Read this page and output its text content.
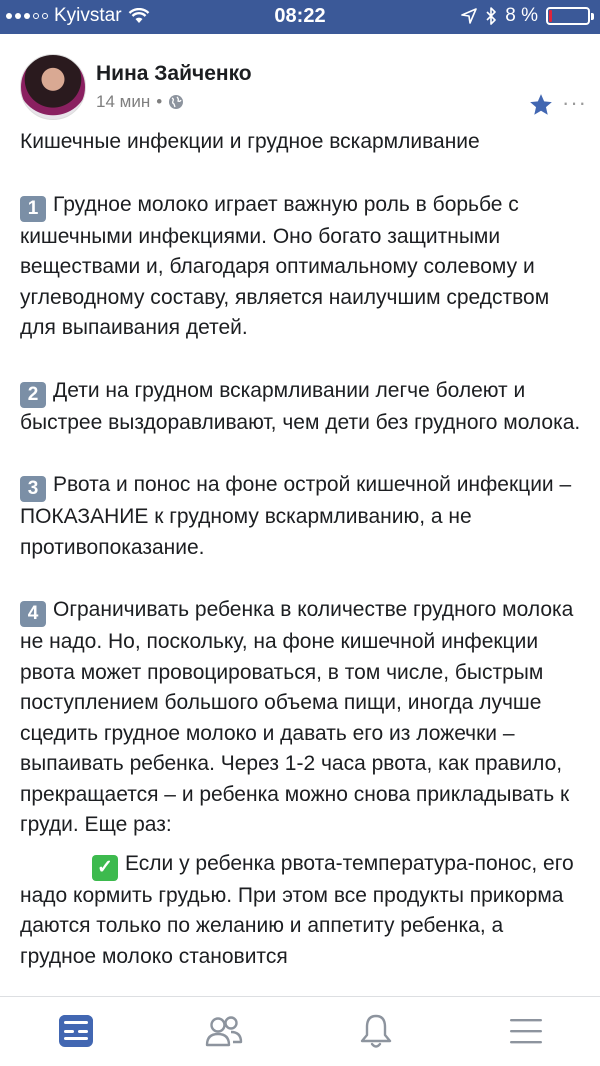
Kyivstar	08:22	8 %
Нина Зайченко
14 мин •	···
Кишечные инфекции и грудное вскармливание
1 Грудное молоко играет важную роль в борьбе с кишечными инфекциями. Оно богато защитными веществами и, благодаря оптимальному солевому и углеводному составу, является наилучшим средством для выпаивания детей.
2 Дети на грудном вскармливании легче болеют и быстрее выздоравливают, чем дети без грудного молока.
3 Рвота и понос на фоне острой кишечной инфекции – ПОКАЗАНИЕ к грудному вскармливанию, а не противопоказание.
4 Ограничивать ребенка в количестве грудного молока не надо. Но, поскольку, на фоне кишечной инфекции рвота может провоцироваться, в том числе, быстрым поступлением большого объема пищи, иногда лучше сцедить грудное молоко и давать его из ложечки – выпаивать ребенка. Через 1-2 часа рвота, как правило, прекращается – и ребенка можно снова прикладывать к груди. Еще раз:
✓ Если у ребенка рвота-температура-понос, его надо кормить грудью. При этом все продукты прикорма даются только по желанию и аппетиту ребенка, а грудное молоко становится
